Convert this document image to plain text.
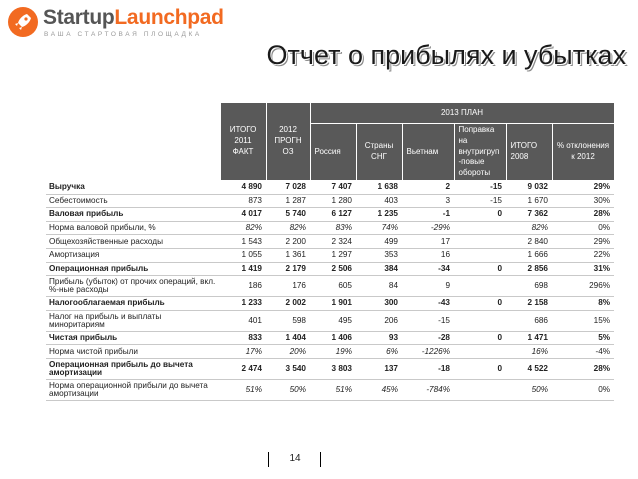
StartupLaunchpad
ВАША СТАРТОВАЯ ПЛОЩАДКА
Отчет о прибылях и убытках
	ИТОГО 2011 ФАКТ	2012 ПРОГН ОЗ	2013 ПЛАН					
			Россия	Страны СНГ	Вьетнам	Поправка на внутригруп -повые обороты	ИТОГО 2008	% отклонения к 2012
Выручка	4 890	7 028	7 407	1 638	2	-15	9 032	29%
Себестоимость	873	1 287	1 280	403	3	-15	1 670	30%
Валовая прибыль	4 017	5 740	6 127	1 235	-1	0	7 362	28%
Норма валовой прибыли, %	82%	82%	83%	74%	-29%		82%	0%
Общехозяйственные расходы	1 543	2 200	2 324	499	17		2 840	29%
Амортизация	1 055	1 361	1 297	353	16		1 666	22%
Операционная прибыль	1 419	2 179	2 506	384	-34	0	2 856	31%
Прибыль (убыток) от прочих операций, вкл. %-ные расходы	186	176	605	84	9		698	296%
Налогооблагаемая прибыль	1 233	2 002	1 901	300	-43	0	2 158	8%
Налог на прибыль и выплаты миноритариям	401	598	495	206	-15		686	15%
Чистая прибыль	833	1 404	1 406	93	-28	0	1 471	5%
Норма чистой прибыли	17%	20%	19%	6%	-1226%		16%	-4%
Операционная прибыль до вычета амортизации	2 474	3 540	3 803	137	-18	0	4 522	28%
Норма операционной прибыли до вычета амортизации	51%	50%	51%	45%	-784%		50%	0%
14
